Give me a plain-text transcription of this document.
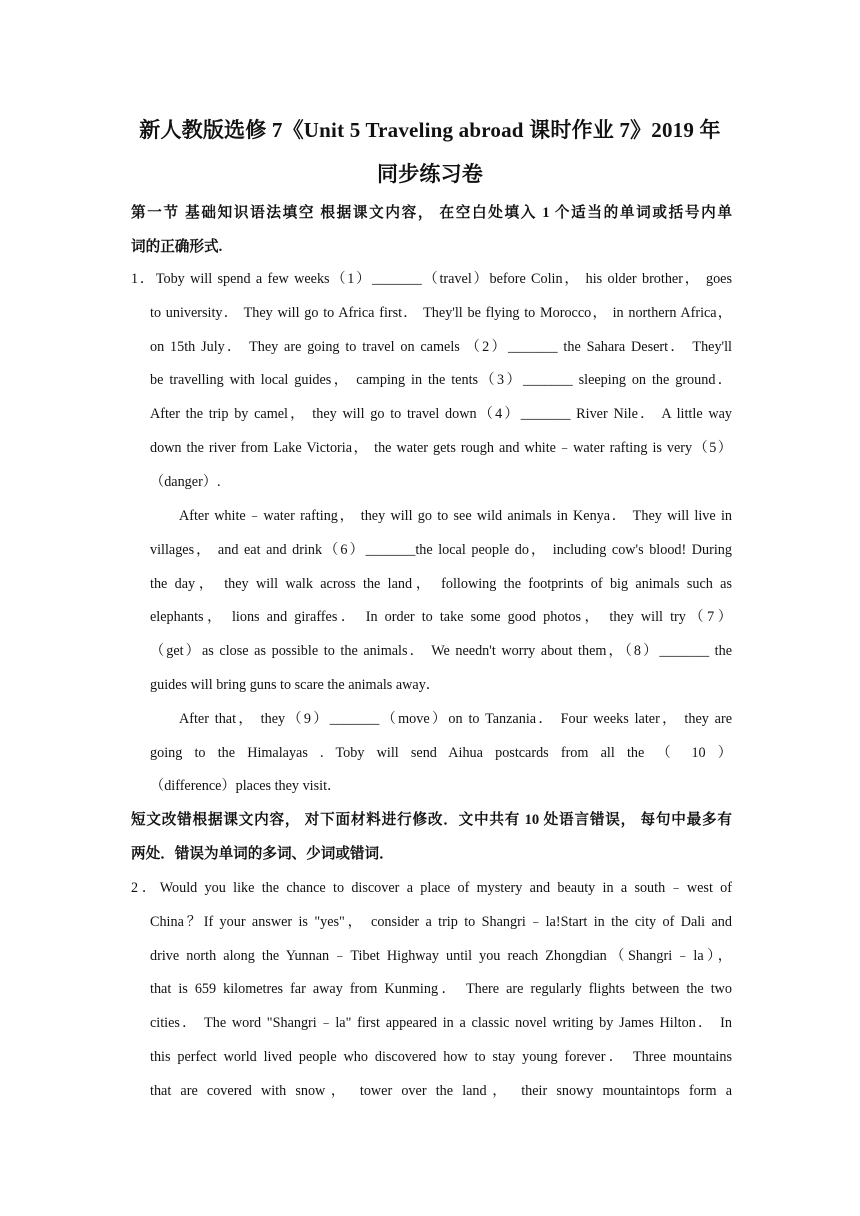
新人教版选修 7《Unit 5 Traveling abroad 课时作业 7》2019 年
同步练习卷
第一节 基础知识语法填空 根据课文内容， 在空白处填入 1 个适当的单词或括号内单
词的正确形式.
1．Toby will spend a few weeks（1）_______（travel）before Colin， his older brother， goes
to university． They will go to Africa first． They'll be flying to Morocco， in northern Africa，
on 15th July． They are going to travel on camels （2）_______ the Sahara Desert． They'll
be travelling with local guides， camping in the tents（3）_______ sleeping on the ground．
After the trip by camel， they will go to travel down（4）_______ River Nile． A little way
down the river from Lake Victoria， the water gets rough and white﹣water rafting is very（5）
（danger）.
After white﹣water rafting， they will go to see wild animals in Kenya． They will live in
villages， and eat and drink（6）_______the local people do， including cow's blood! During
the day， they will walk across the land， following the footprints of big animals such as
elephants， lions and giraffes． In order to take some good photos， they will try（7）
（get）as close as possible to the animals． We needn't worry about them，（8）_______ the
guides will bring guns to scare the animals away．
After that， they（9）_______（move）on to Tanzania． Four weeks later， they are
going to the Himalayas . Toby will send Aihua postcards from all the （ 10 ）
（difference）places they visit．
短文改错根据课文内容， 对下面材料进行修改．文中共有 10 处语言错误， 每句中最多有
两处．错误为单词的多词、少词或错词．
2．Would you like the chance to discover a place of mystery and beauty in a south﹣west of
China？If your answer is "yes"， consider a trip to Shangri﹣la!Start in the city of Dali and
drive north along the Yunnan﹣Tibet Highway until you reach Zhongdian（Shangri﹣la），
that is 659 kilometres far away from Kunming． There are regularly flights between the two
cities． The word "Shangri﹣la" first appeared in a classic novel writing by James Hilton． In
this perfect world lived people who discovered how to stay young forever． Three mountains
that are covered with snow， tower over the land， their snowy mountaintops form a
